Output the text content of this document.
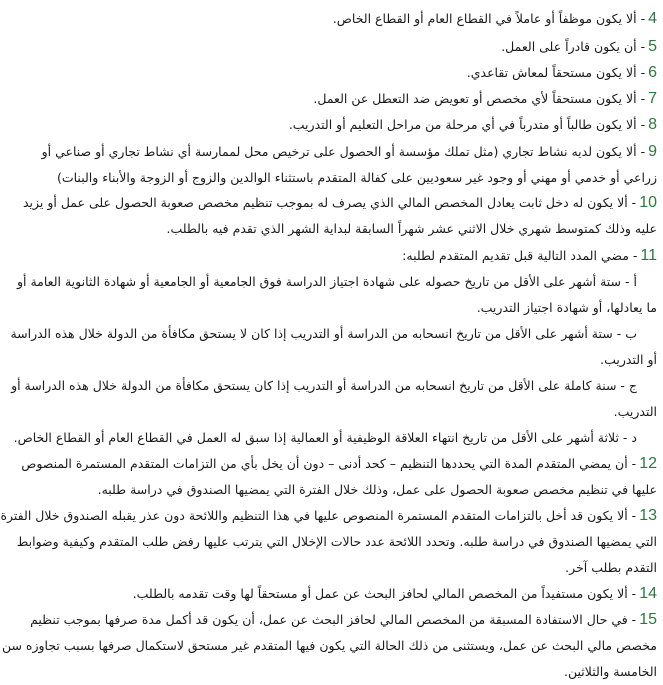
4- ألا يكون موظفاً أو عاملاً في القطاع العام أو القطاع الخاص.
5- أن يكون قادراً على العمل.
6- ألا يكون مستحقاً لمعاش تقاعدي.
7- ألا يكون مستحقاً لأي مخصص أو تعويض ضد التعطل عن العمل.
8- ألا يكون طالباً أو متدرباً في أي مرحلة من مراحل التعليم أو التدريب.
9- ألا يكون لديه نشاط تجاري (مثل تملك مؤسسة أو الحصول على ترخيص محل لممارسة أي نشاط تجاري أو صناعي أو
زراعي أو خدمي أو مهني أو وجود غير سعوديين على كفالة المتقدم باستثناء الوالدين والزوج أو الزوجة والأبناء والبنات)
10- ألا يكون له دخل ثابت يعادل المخصص المالي الذي يصرف له بموجب تنظيم مخصص صعوبة الحصول على عمل أو يزيد
عليه وذلك كمتوسط شهري خلال الاثني عشر شهراً السابقة لبداية الشهر الذي تقدم فيه بالطلب.
11- مضي المدد التالية قبل تقديم المتقدم لطلبه:
أ- ستة أشهر على الأقل من تاريخ حصوله على شهادة اجتياز الدراسة فوق الجامعية أو الجامعية أو شهادة الثانوية العامة أو
ما يعادلها، أو شهادة اجتياز التدريب.
ب- ستة أشهر على الأقل من تاريخ انسحابه من الدراسة أو التدريب إذا كان لا يستحق مكافأة من الدولة خلال هذه الدراسة
أو التدريب.
ج- سنة كاملة على الأقل من تاريخ انسحابه من الدراسة أو التدريب إذا كان يستحق مكافأة من الدولة خلال هذه الدراسة أو
التدريب.
د- ثلاثة أشهر على الأقل من تاريخ انتهاء العلاقة الوظيفية أو العمالية إذا سبق له العمل في القطاع العام أو القطاع الخاص.
12- أن يمضي المتقدم المدة التي يحددها التنظيم – كحد أدنى – دون أن يخل بأي من التزامات المتقدم المستمرة المنصوص
عليها في تنظيم مخصص صعوبة الحصول على عمل، وذلك خلال الفترة التي يمضيها الصندوق في دراسة طلبه.
13- ألا يكون قد أخل بالتزامات المتقدم المستمرة المنصوص عليها في هذا التنظيم واللائحة دون عذر يقبله الصندوق خلال الفترة
التي يمضيها الصندوق في دراسة طلبه. وتحدد اللائحة عدد حالات الإخلال التي يترتب عليها رفض طلب المتقدم وكيفية وضوابط
التقدم بطلب آخر.
14- ألا يكون مستفيداً من المخصص المالي لحافز البحث عن عمل أو مستحقاً لها وقت تقدمه بالطلب.
15- في حال الاستفادة المسبقة من المخصص المالي لحافز البحث عن عمل، أن يكون قد أكمل مدة صرفها بموجب تنظيم
مخصص مالي البحث عن عمل، ويستثنى من ذلك الحالة التي يكون فيها المتقدم غير مستحق لاستكمال صرفها بسبب تجاوزه سن
الخامسة والثلاثين.
